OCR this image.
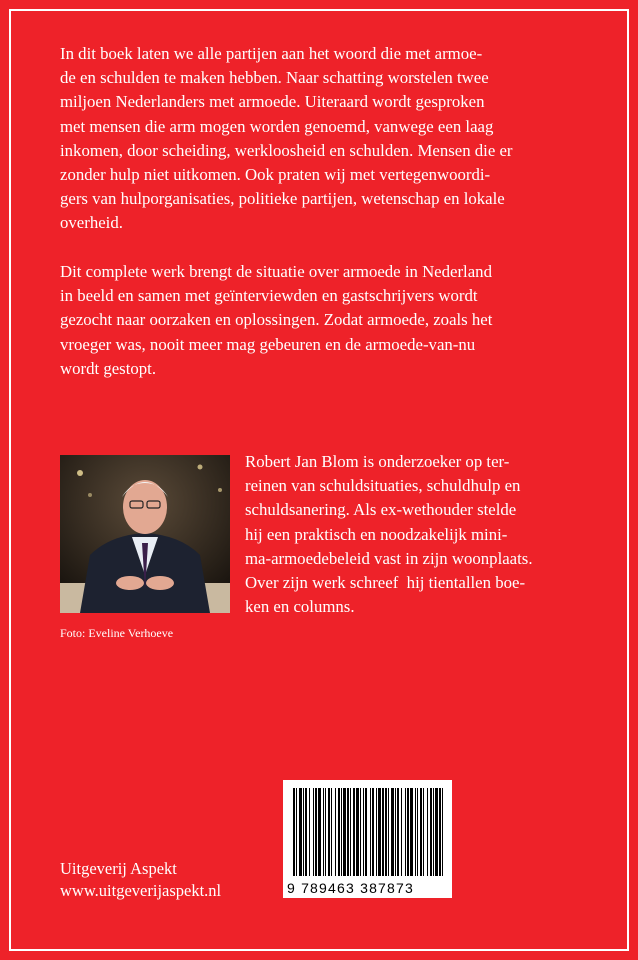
In dit boek laten we alle partijen aan het woord die met armoe-
de en schulden te maken hebben. Naar schatting worstelen twee
miljoen Nederlanders met armoede. Uiteraard wordt gesproken
met mensen die arm mogen worden genoemd, vanwege een laag
inkomen, door scheiding, werkloosheid en schulden. Mensen die er
zonder hulp niet uitkomen. Ook praten wij met vertegenwoordi-
gers van hulporganisaties, politieke partijen, wetenschap en lokale
overheid.
Dit complete werk brengt de situatie over armoede in Nederland
in beeld en samen met geïnterviewden en gastschrijvers wordt
gezocht naar oorzaken en oplossingen. Zodat armoede, zoals het
vroeger was, nooit meer mag gebeuren en de armoede-van-nu
wordt gestopt.
Foto: Eveline Verhoeve
Robert Jan Blom is onderzoeker op ter-
reinen van schuldsituaties, schuldhulp en
schuldsanering. Als ex-wethouder stelde
hij een praktisch en noodzakelijk mini-
ma-armoedebeleid vast in zijn woonplaats.
Over zijn werk schreef  hij tientallen boe-
ken en columns.
9 789463 387873
Uitgeverij Aspekt
www.uitgeverijaspekt.nl
